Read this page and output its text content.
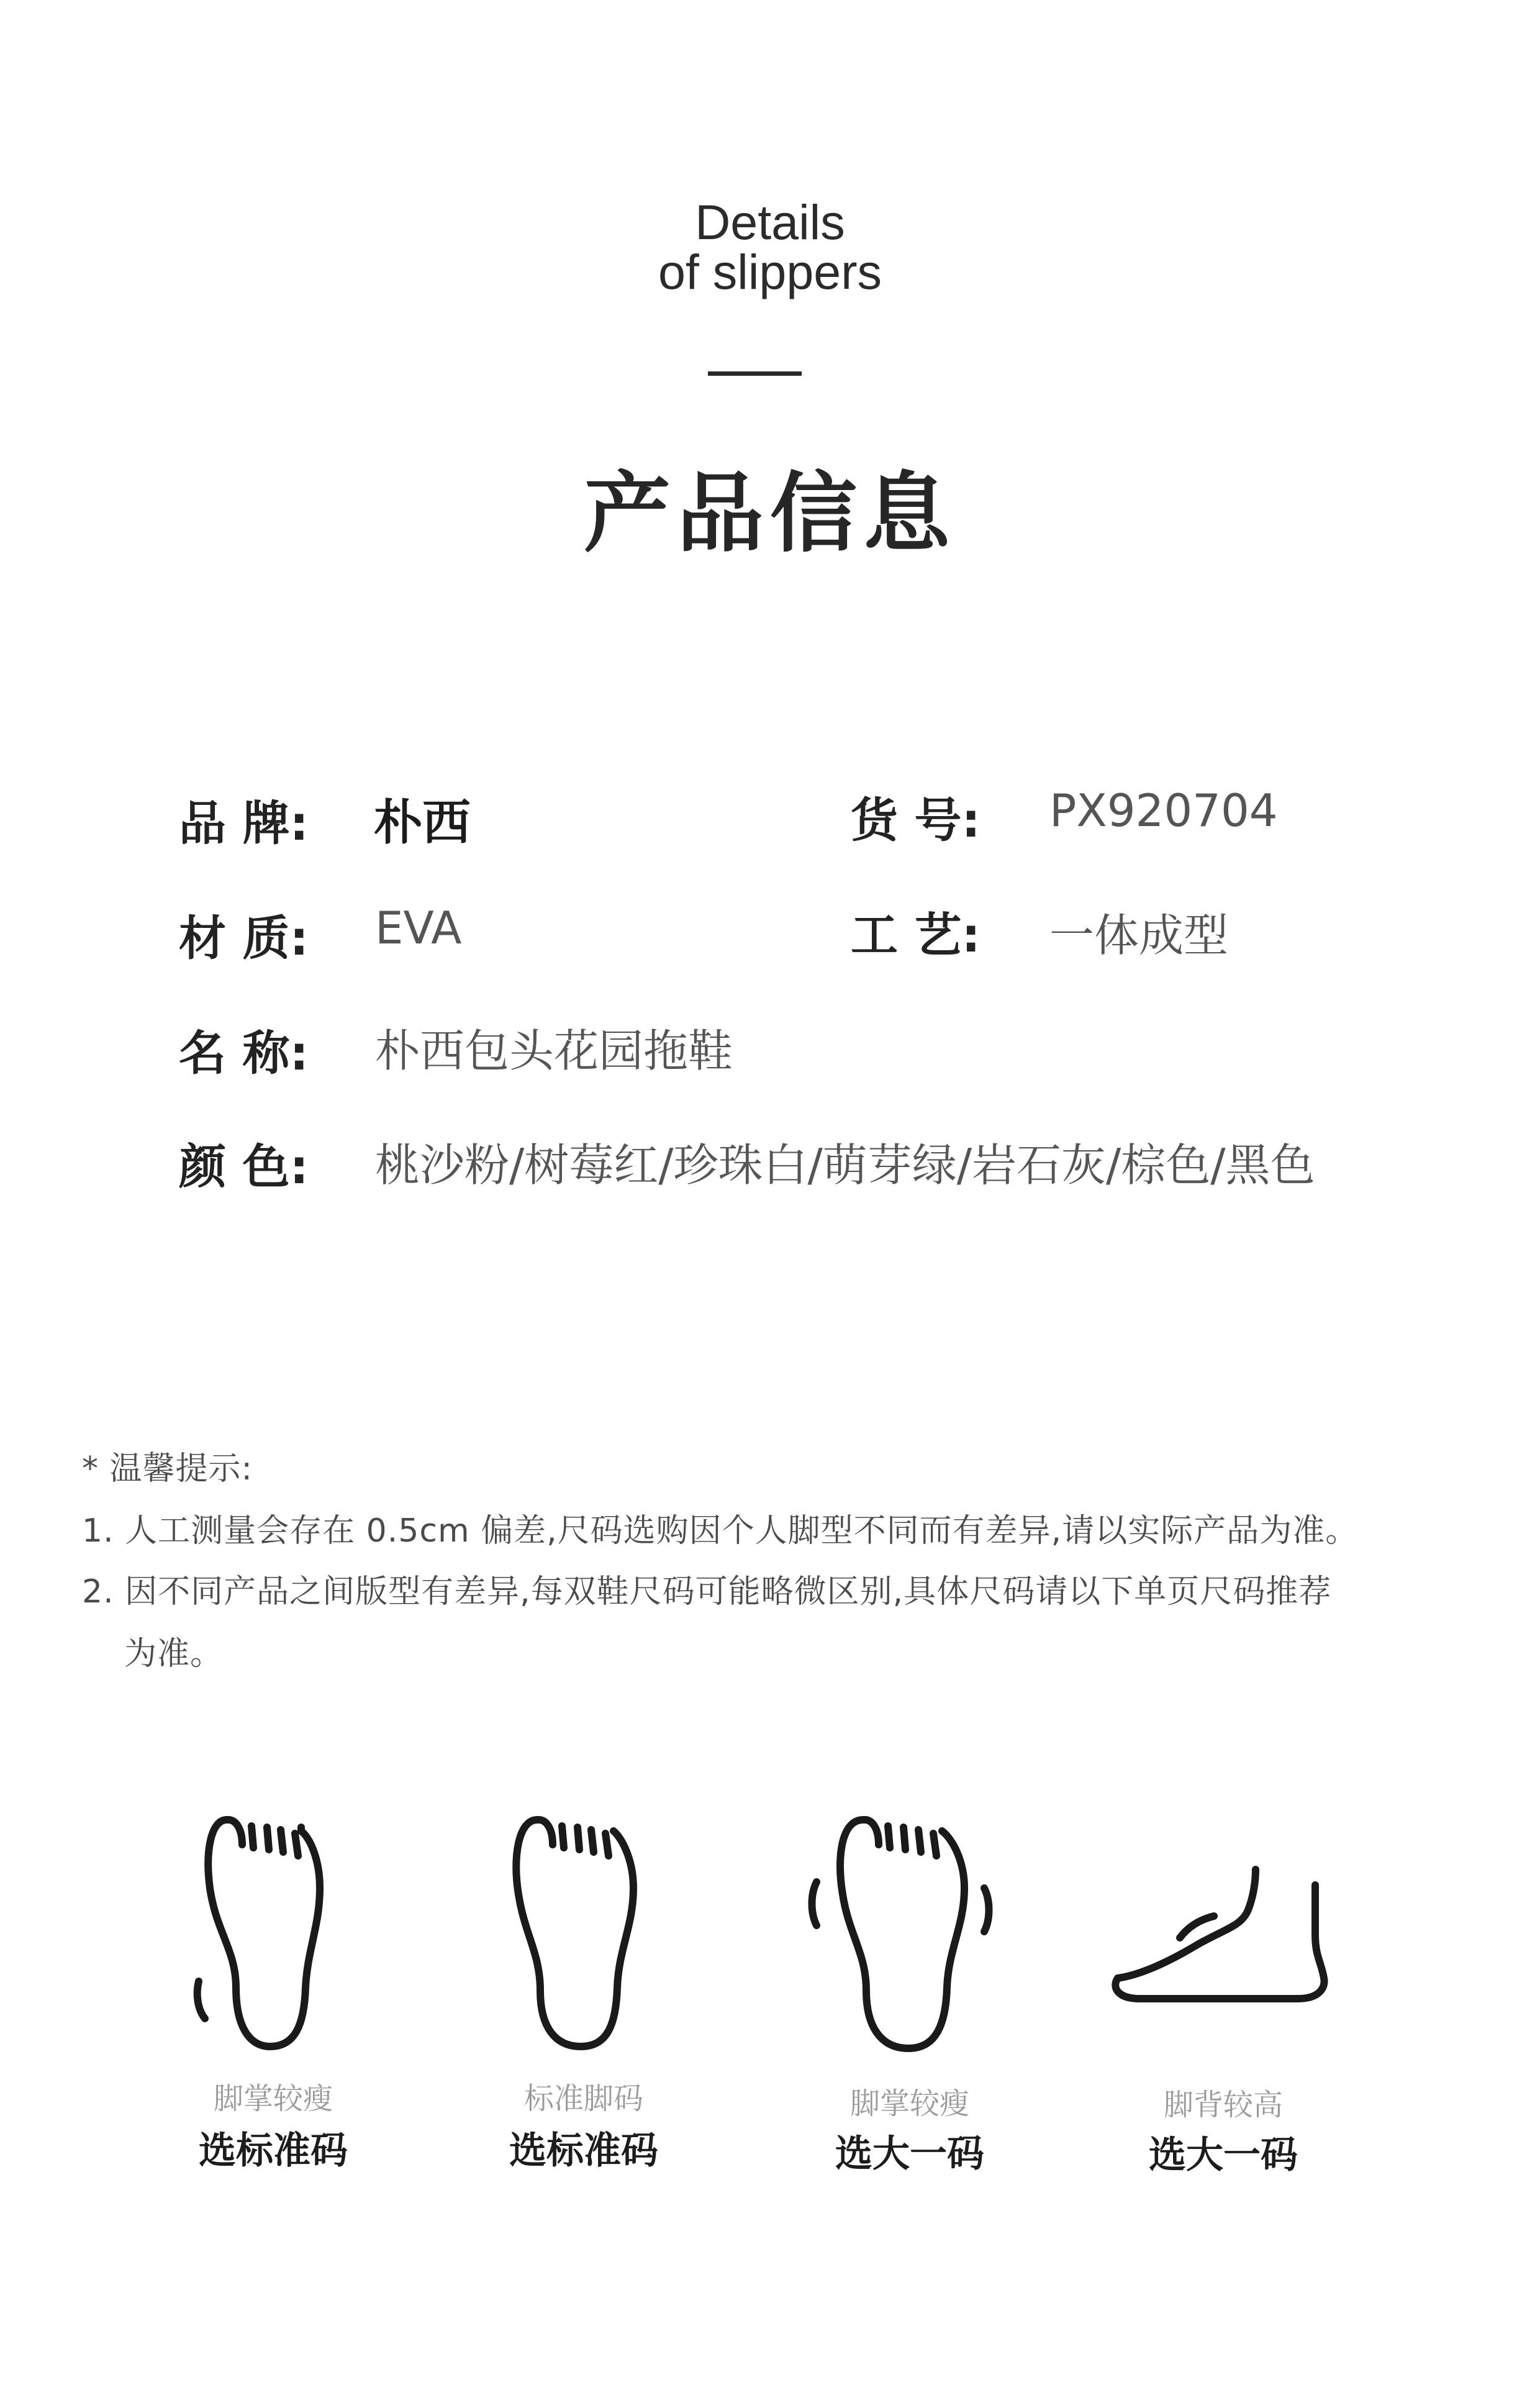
Details
of slippers
产品信息
品 牌: 朴西	货 号: PX920704
材 质: EVA	工 艺: 一体成型
名 称: 朴西包头花园拖鞋
颜 色: 桃沙粉/树莓红/珍珠白/萌芽绿/岩石灰/棕色/黑色
* 温馨提示:
1. 人工测量会存在 0.5cm 偏差,尺码选购因个人脚型不同而有差异,请以实际产品为准。
2. 因不同产品之间版型有差异,每双鞋尺码可能略微区别,具体尺码请以下单页尺码推荐
为准。
脚掌较瘦
选标准码
标准脚码
选标准码
脚掌较瘦
选大一码
脚背较高
选大一码
